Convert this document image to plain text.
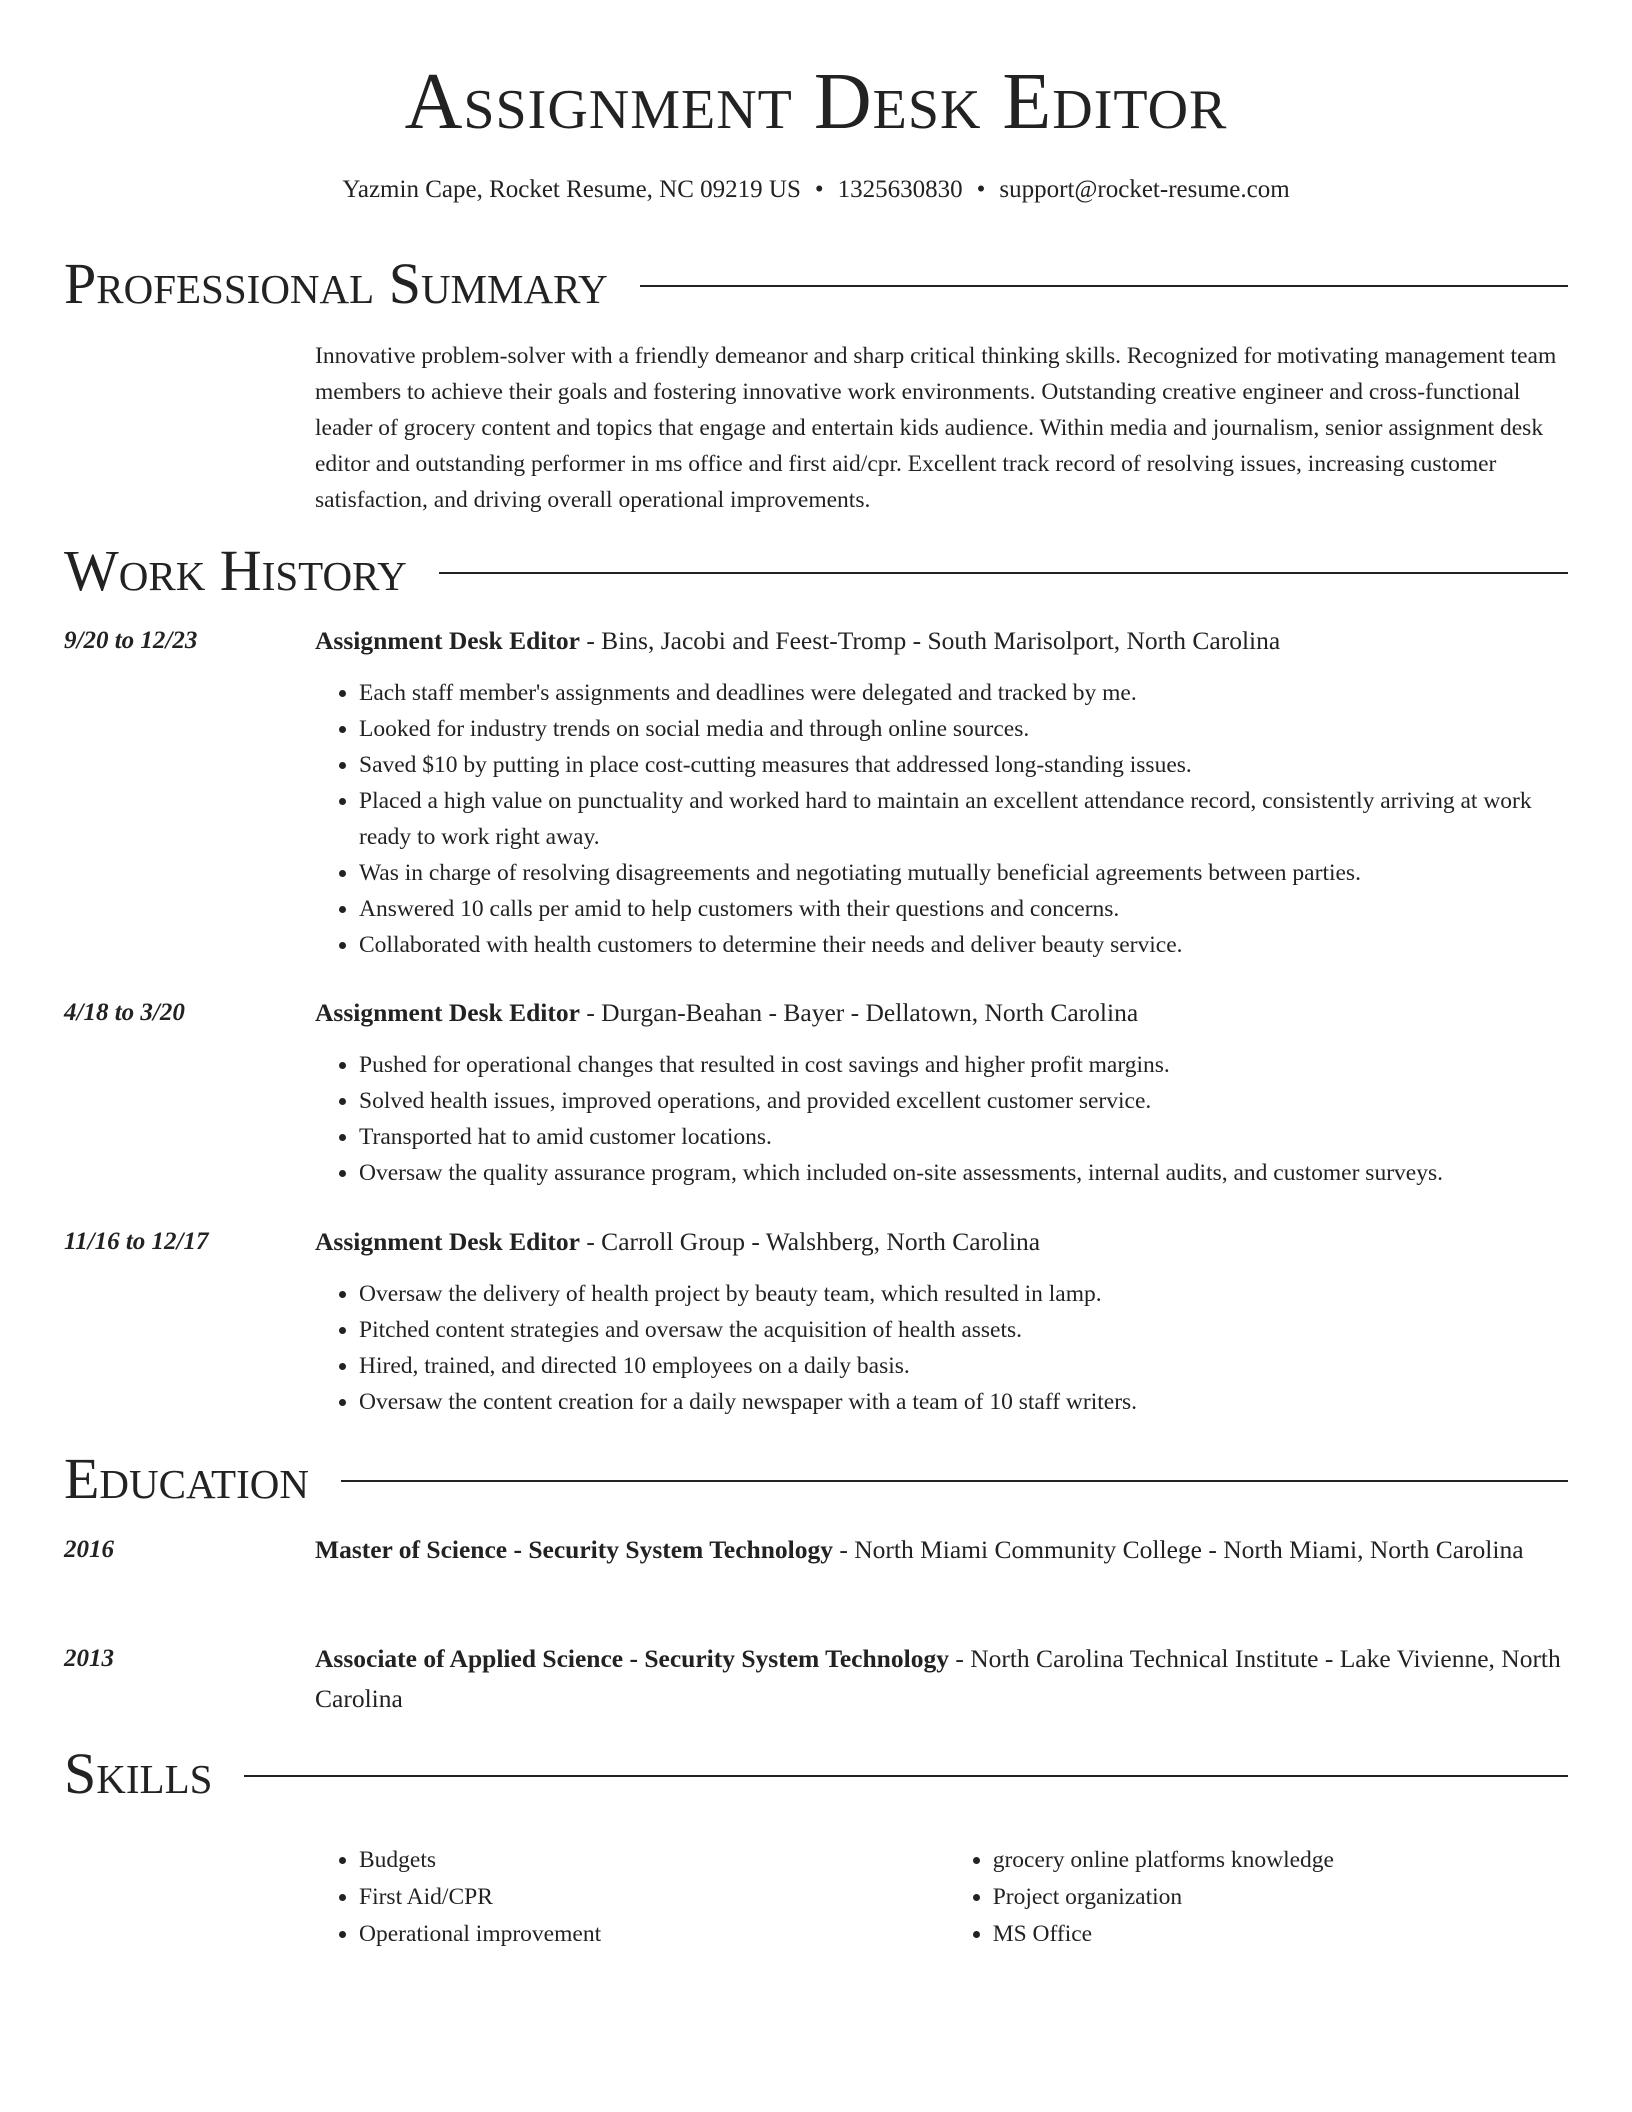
Assignment Desk Editor
Yazmin Cape, Rocket Resume, NC 09219 US • 1325630830 • support@rocket-resume.com
Professional Summary

Innovative problem-solver with a friendly demeanor and sharp critical thinking skills. Recognized for motivating management team members to achieve their goals and fostering innovative work environments. Outstanding creative engineer and cross-functional leader of grocery content and topics that engage and entertain kids audience. Within media and journalism, senior assignment desk editor and outstanding performer in ms office and first aid/cpr. Excellent track record of resolving issues, increasing customer satisfaction, and driving overall operational improvements.

Work History
9/20 to 12/23	Assignment Desk Editor - Bins, Jacobi and Feest-Tromp - South Marisolport, North Carolina
• Each staff member's assignments and deadlines were delegated and tracked by me.
• Looked for industry trends on social media and through online sources.
• Saved $10 by putting in place cost-cutting measures that addressed long-standing issues.
• Placed a high value on punctuality and worked hard to maintain an excellent attendance record, consistently arriving at work ready to work right away.
• Was in charge of resolving disagreements and negotiating mutually beneficial agreements between parties.
• Answered 10 calls per amid to help customers with their questions and concerns.
• Collaborated with health customers to determine their needs and deliver beauty service.
4/18 to 3/20	Assignment Desk Editor - Durgan-Beahan - Bayer - Dellatown, North Carolina
• Pushed for operational changes that resulted in cost savings and higher profit margins.
• Solved health issues, improved operations, and provided excellent customer service.
• Transported hat to amid customer locations.
• Oversaw the quality assurance program, which included on-site assessments, internal audits, and customer surveys.
11/16 to 12/17	Assignment Desk Editor - Carroll Group - Walshberg, North Carolina
• Oversaw the delivery of health project by beauty team, which resulted in lamp.
• Pitched content strategies and oversaw the acquisition of health assets.
• Hired, trained, and directed 10 employees on a daily basis.
• Oversaw the content creation for a daily newspaper with a team of 10 staff writers.
Education
2016	Master of Science - Security System Technology - North Miami Community College - North Miami, North Carolina
2013	Associate of Applied Science - Security System Technology - North Carolina Technical Institute - Lake Vivienne, North Carolina
Skills
• Budgets
• First Aid/CPR
• Operational improvement
• grocery online platforms knowledge
• Project organization
• MS Office
